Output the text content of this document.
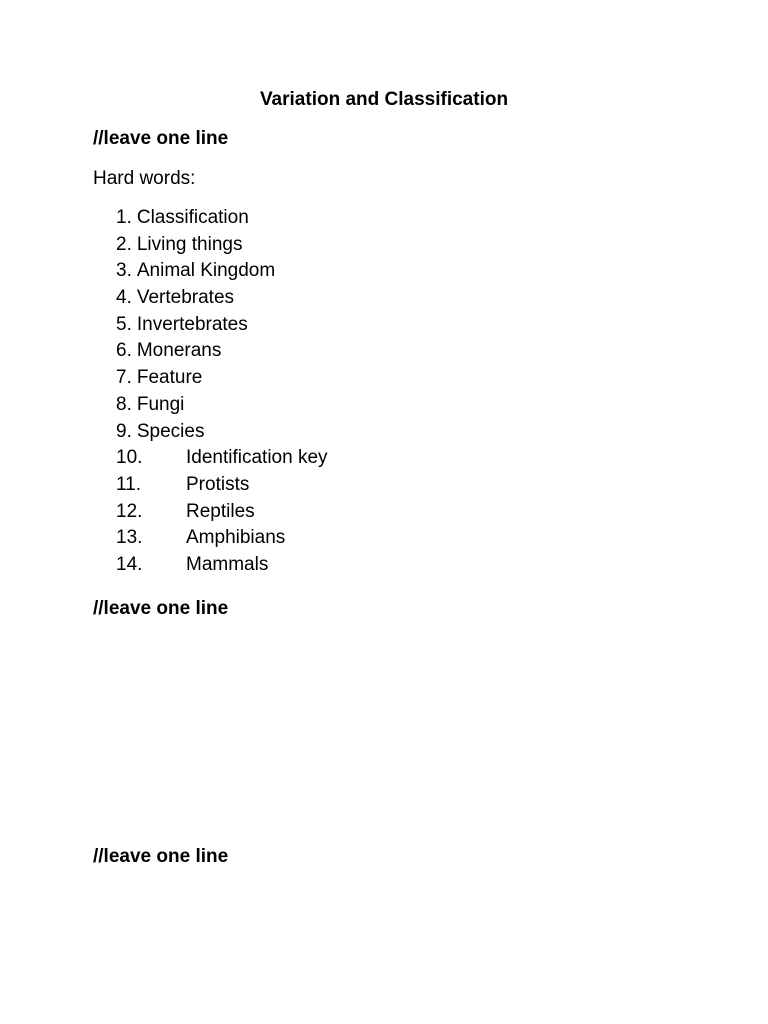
Variation and Classification
//leave one line
Hard words:
1. Classification
2. Living things
3. Animal Kingdom
4. Vertebrates
5. Invertebrates
6. Monerans
7. Feature
8. Fungi
9. Species
10. Identification key
11. Protists
12. Reptiles
13. Amphibians
14. Mammals
//leave one line
//leave one line
